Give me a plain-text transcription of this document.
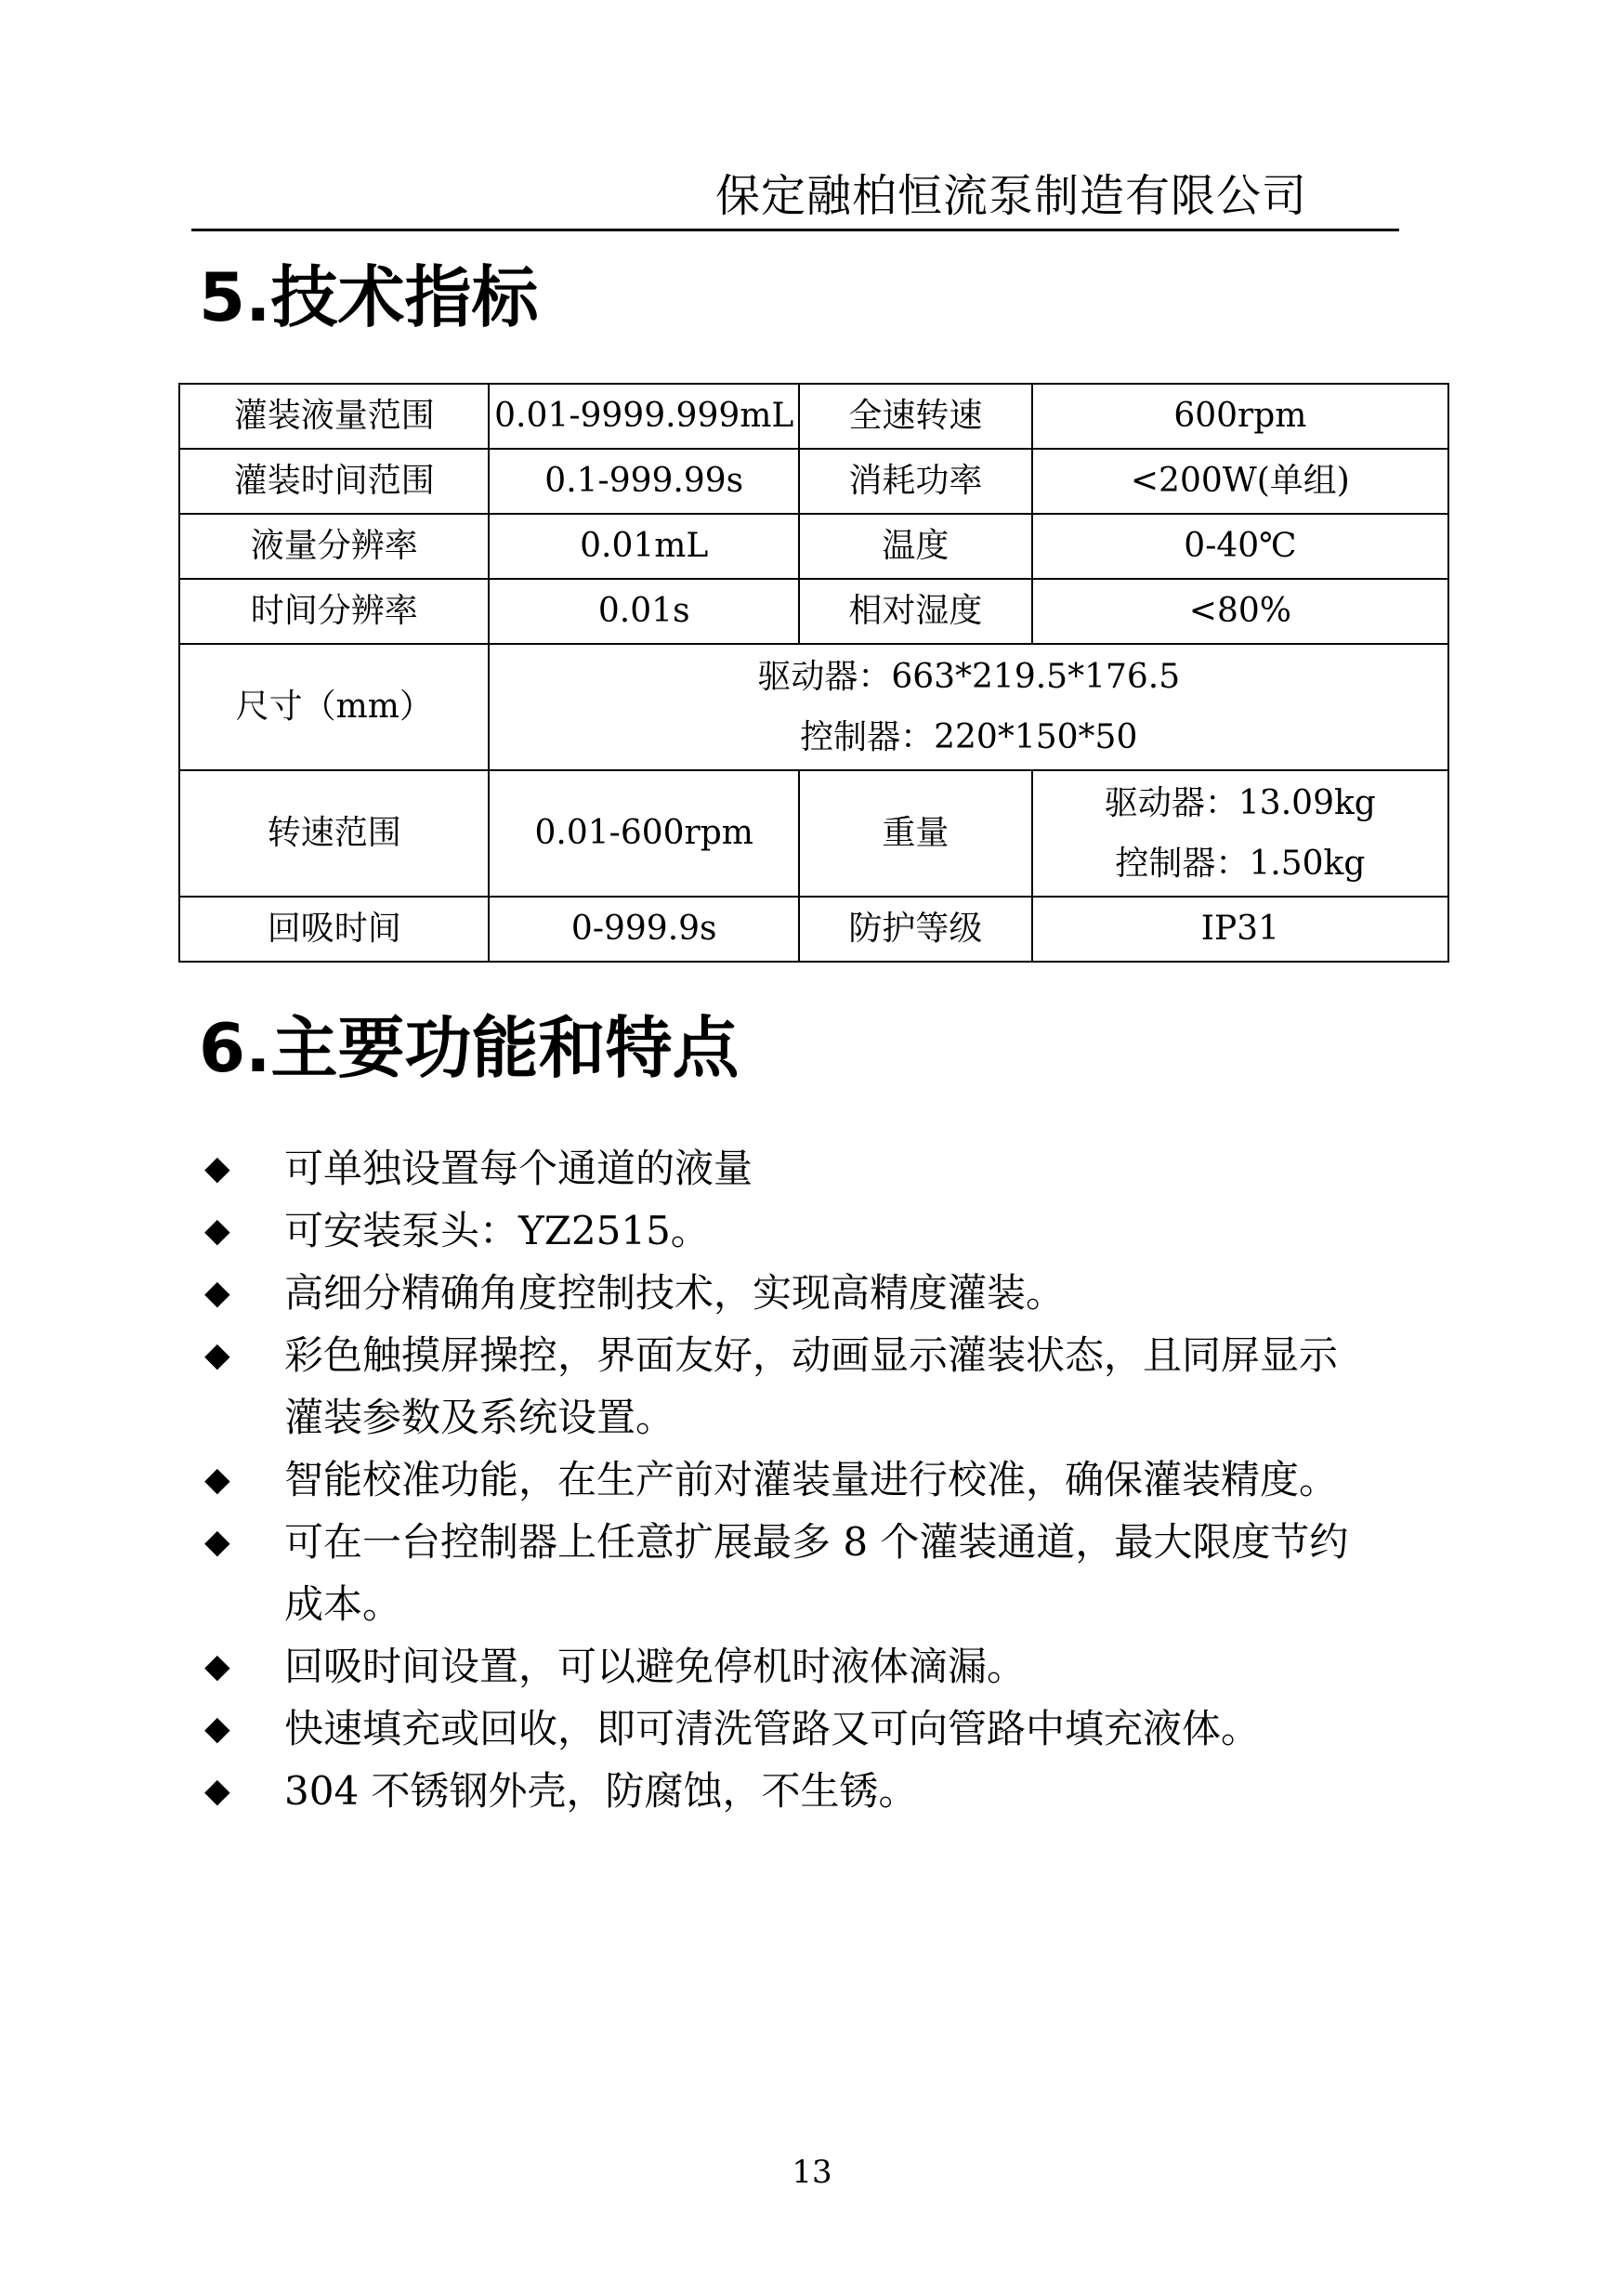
保定融柏恒流泵制造有限公司
5.技术指标
灌装液量范围	0.01-9999.999mL	全速转速	600rpm
灌装时间范围	0.1-999.99s	消耗功率	<200W(单组)
液量分辨率	0.01mL	温度	0-40℃
时间分辨率	0.01s	相对湿度	<80%
尺寸（mm）	驱动器：663*219.5*176.5
控制器：220*150*50		

转速范围	0.01-600rpm	重量	驱动器：13.09kg
控制器：1.50kg

回吸时间	0-999.9s	防护等级	IP31
6.主要功能和特点
◆ 可单独设置每个通道的液量
◆ 可安装泵头：YZ2515。
◆ 高细分精确角度控制技术，实现高精度灌装。
◆ 彩色触摸屏操控，界面友好，动画显示灌装状态，且同屏显示
灌装参数及系统设置。
◆ 智能校准功能，在生产前对灌装量进行校准，确保灌装精度。
◆ 可在一台控制器上任意扩展最多 8 个灌装通道，最大限度节约
成本。
◆ 回吸时间设置，可以避免停机时液体滴漏。
◆ 快速填充或回收，即可清洗管路又可向管路中填充液体。
◆ 304 不锈钢外壳，防腐蚀，不生锈。
13
